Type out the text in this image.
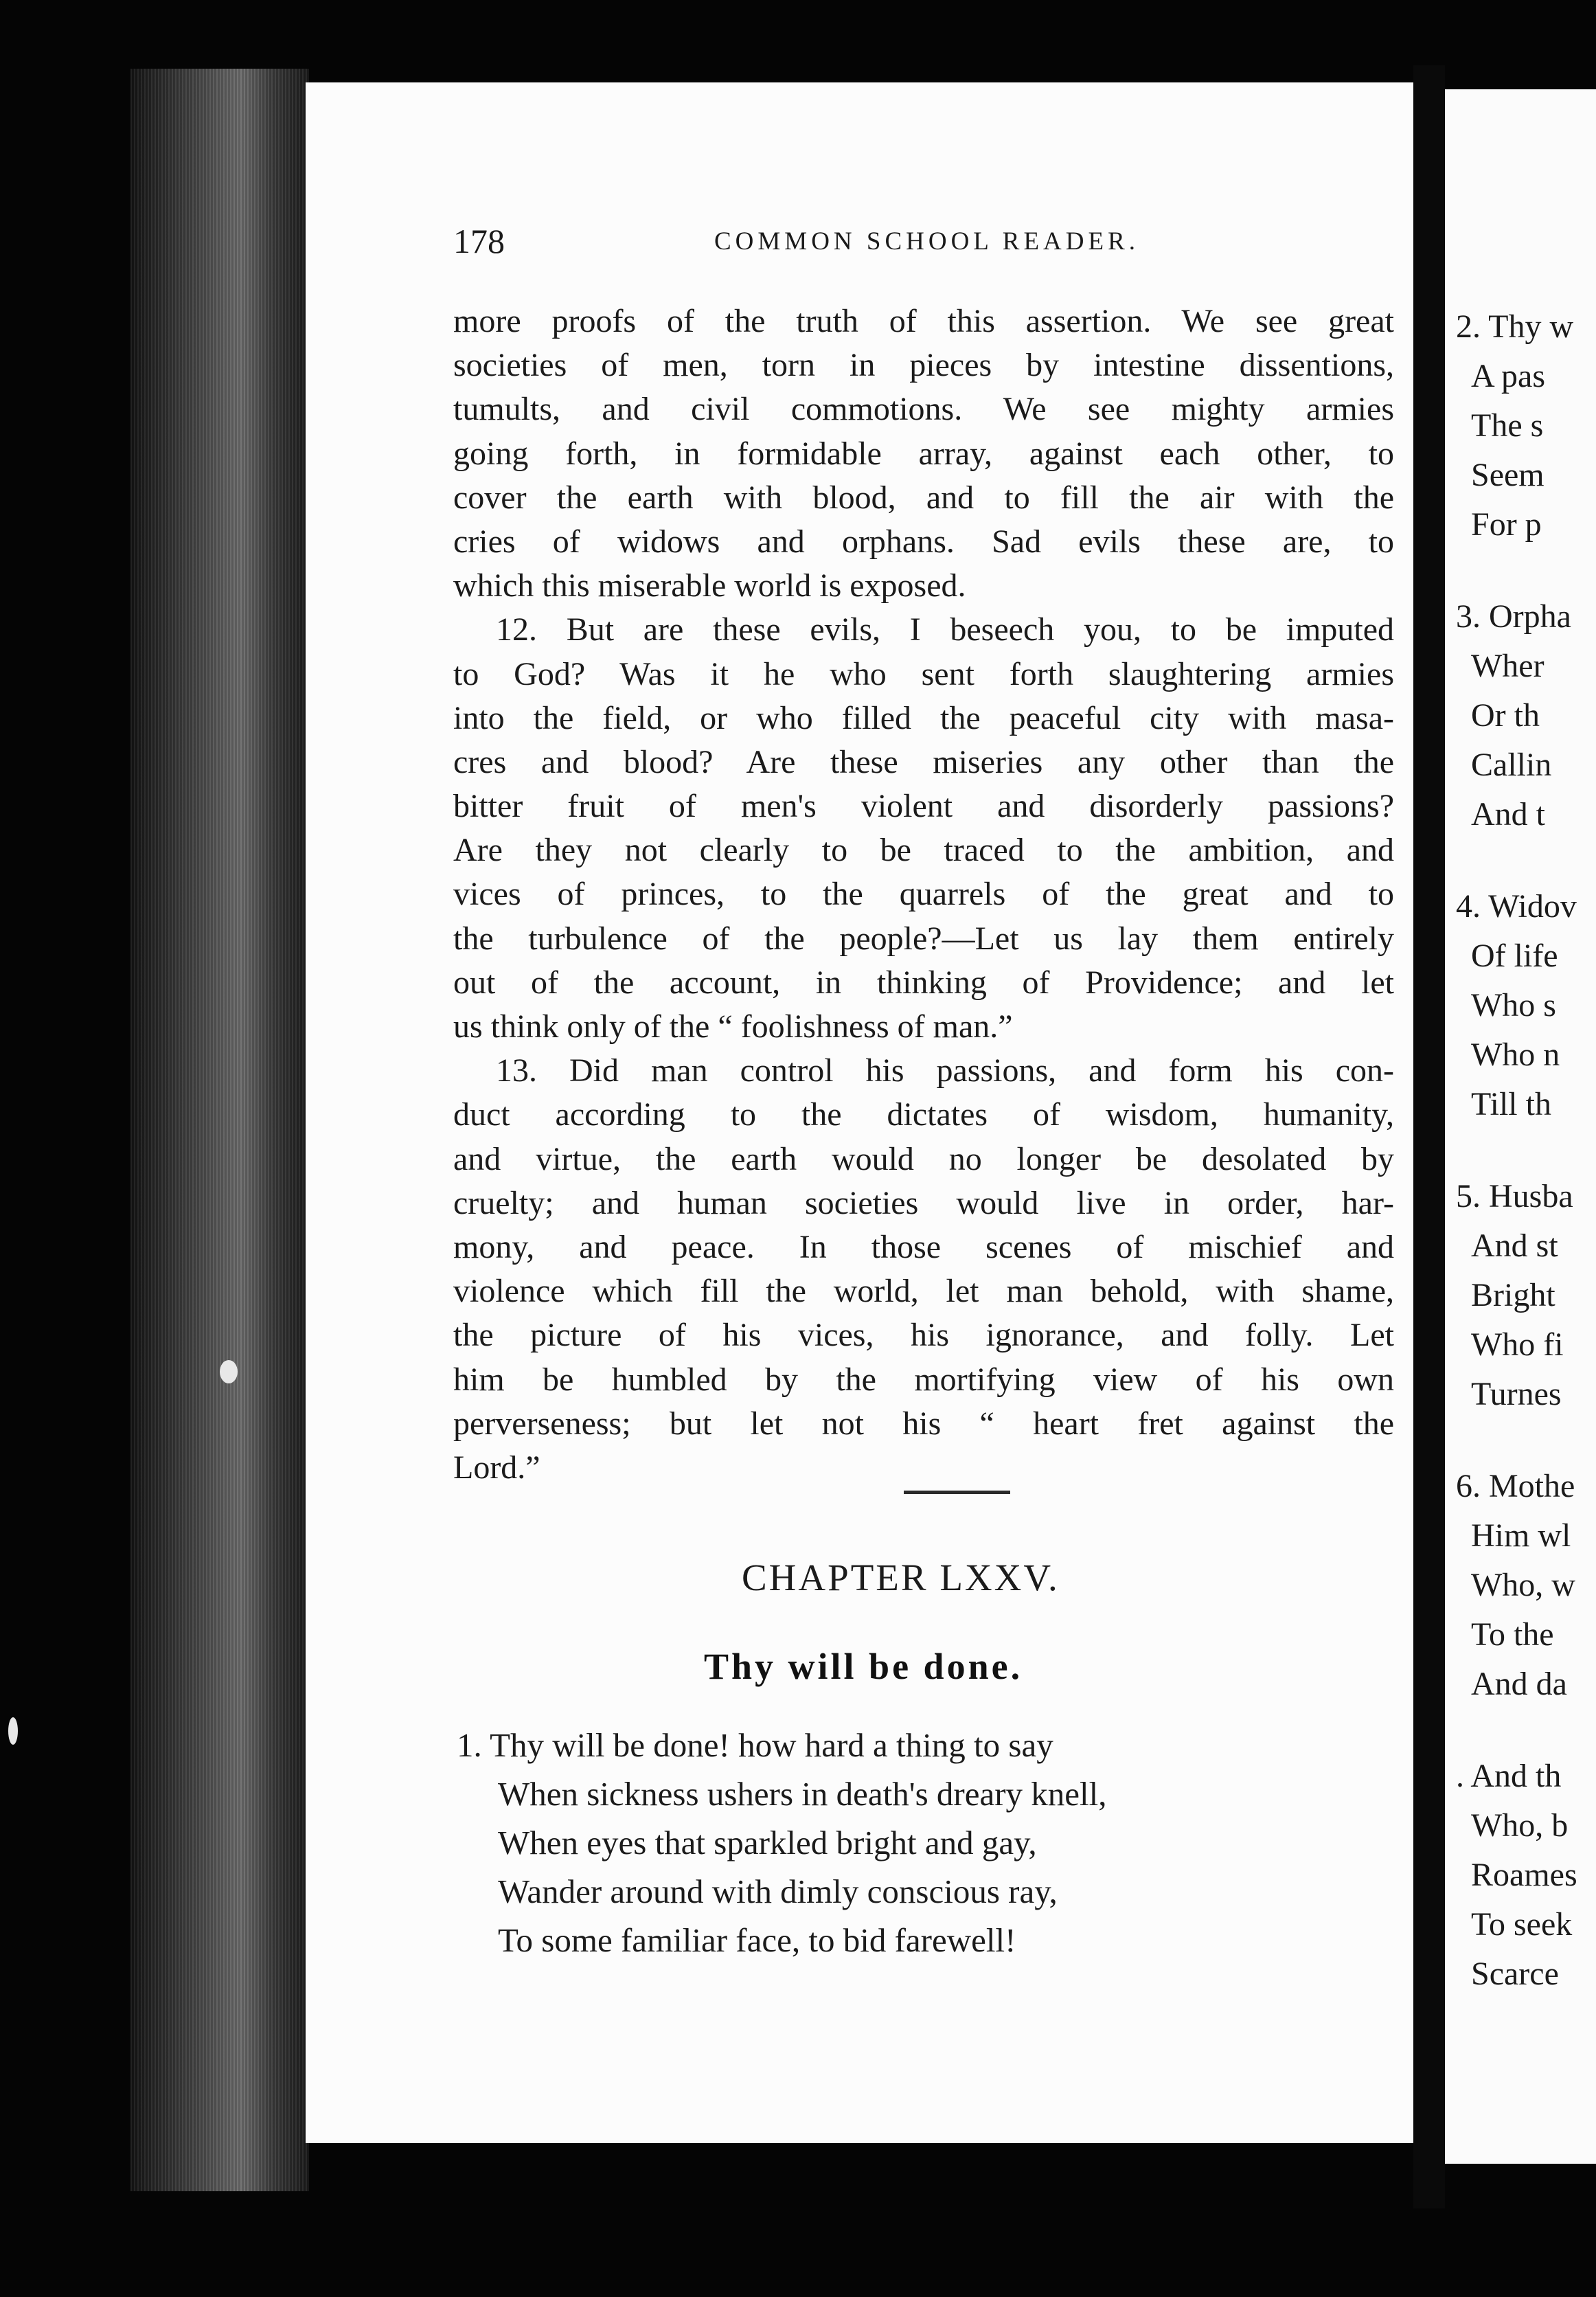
178	COMMON SCHOOL READER.
more proofs of the truth of this assertion. We see great
societies of men, torn in pieces by intestine dissentions,
tumults, and civil commotions. We see mighty armies
going forth, in formidable array, against each other, to
cover the earth with blood, and to fill the air with the
cries of widows and orphans. Sad evils these are, to
which this miserable world is exposed.
12. But are these evils, I beseech you, to be imputed
to God? Was it he who sent forth slaughtering armies
into the field, or who filled the peaceful city with masa-
cres and blood? Are these miseries any other than the
bitter fruit of men's violent and disorderly passions?
Are they not clearly to be traced to the ambition, and
vices of princes, to the quarrels of the great and to
the turbulence of the people?—Let us lay them entirely
out of the account, in thinking of Providence; and let
us think only of the “ foolishness of man.”
13. Did man control his passions, and form his con-
duct according to the dictates of wisdom, humanity,
and virtue, the earth would no longer be desolated by
cruelty; and human societies would live in order, har-
mony, and peace. In those scenes of mischief and
violence which fill the world, let man behold, with shame,
the picture of his vices, his ignorance, and folly. Let
him be humbled by the mortifying view of his own
perverseness; but let not his “ heart fret against the
Lord.”
CHAPTER LXXV.
Thy will be done.
1. Thy will be done! how hard a thing to say
When sickness ushers in death's dreary knell,
When eyes that sparkled bright and gay,
Wander around with dimly conscious ray,
To some familiar face, to bid farewell!
2. Thy w
A pas
The s
Seem
For p
3. Orpha
Wher
Or th
Callin
And t
4. Widov
Of life
Who s
Who n
Till th
5. Husba
And st
Bright
Who fi
Turnes
6. Mothe
Him wl
Who, w
To the
And da
. And th
Who, b
Roames
To seek
Scarce
